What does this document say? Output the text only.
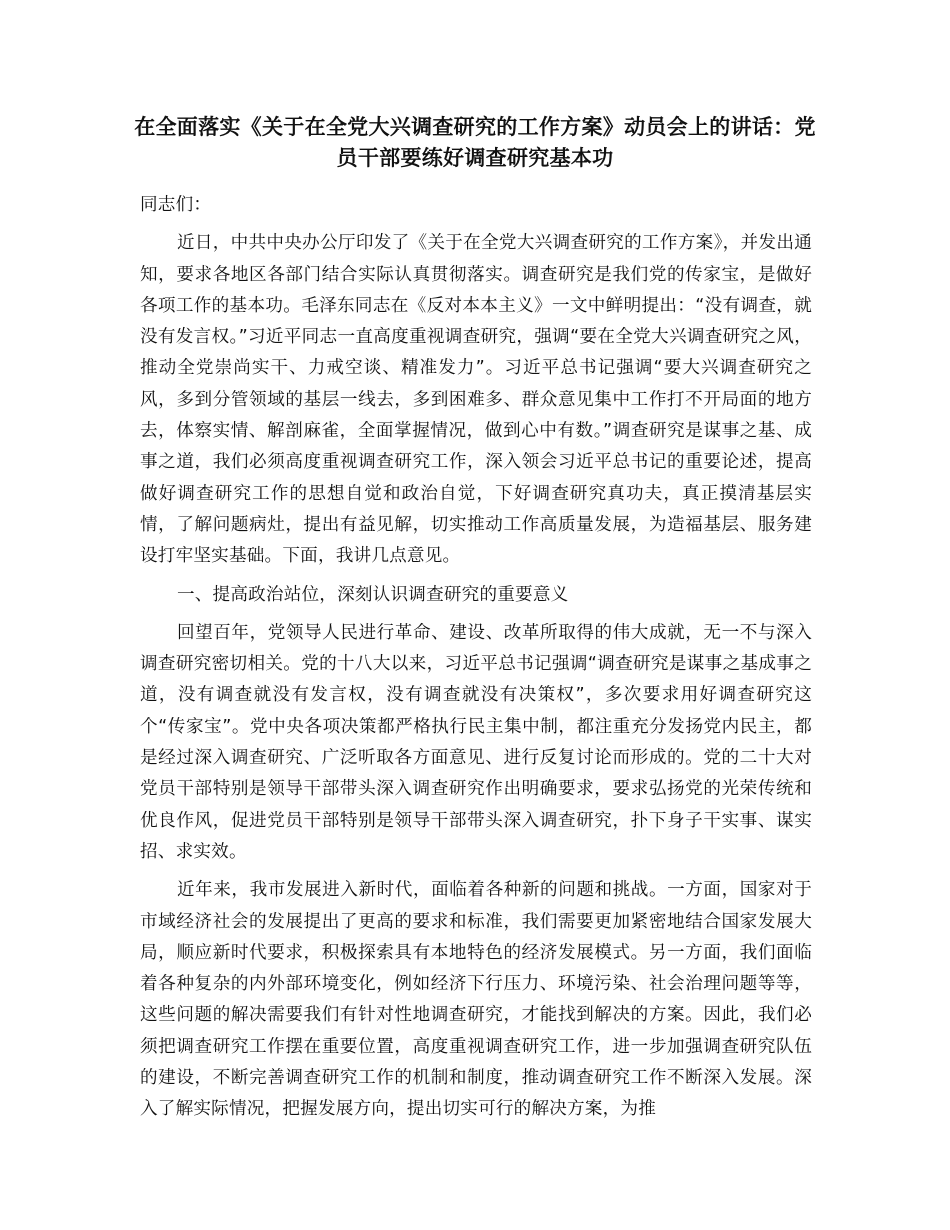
在全面落实《关于在全党大兴调查研究的工作方案》动员会上的讲话：党员干部要练好调查研究基本功

同志们：

近日，中共中央办公厅印发了《关于在全党大兴调查研究的工作方案》，并发出通知，要求各地区各部门结合实际认真贯彻落实。调查研究是我们党的传家宝，是做好各项工作的基本功。毛泽东同志在《反对本本主义》一文中鲜明提出：“没有调查，就没有发言权。”习近平同志一直高度重视调查研究，强调“要在全党大兴调查研究之风，推动全党崇尚实干、力戒空谈、精准发力”。习近平总书记强调“要大兴调查研究之风，多到分管领域的基层一线去，多到困难多、群众意见集中工作打不开局面的地方去，体察实情、解剖麻雀，全面掌握情况，做到心中有数。”调查研究是谋事之基、成事之道，我们必须高度重视调查研究工作，深入领会习近平总书记的重要论述，提高做好调查研究工作的思想自觉和政治自觉，下好调查研究真功夫，真正摸清基层实情，了解问题病灶，提出有益见解，切实推动工作高质量发展，为造福基层、服务建设打牢坚实基础。下面，我讲几点意见。

一、提高政治站位，深刻认识调查研究的重要意义

回望百年，党领导人民进行革命、建设、改革所取得的伟大成就，无一不与深入调查研究密切相关。党的十八大以来，习近平总书记强调“调查研究是谋事之基成事之道，没有调查就没有发言权，没有调查就没有决策权”，多次要求用好调查研究这个“传家宝”。党中央各项决策都严格执行民主集中制，都注重充分发扬党内民主，都是经过深入调查研究、广泛听取各方面意见、进行反复讨论而形成的。党的二十大对党员干部特别是领导干部带头深入调查研究作出明确要求，要求弘扬党的光荣传统和优良作风，促进党员干部特别是领导干部带头深入调查研究，扑下身子干实事、谋实招、求实效。

近年来，我市发展进入新时代，面临着各种新的问题和挑战。一方面，国家对于市域经济社会的发展提出了更高的要求和标准，我们需要更加紧密地结合国家发展大局，顺应新时代要求，积极探索具有本地特色的经济发展模式。另一方面，我们面临着各种复杂的内外部环境变化，例如经济下行压力、环境污染、社会治理问题等等，这些问题的解决需要我们有针对性地调查研究，才能找到解决的方案。因此，我们必须把调查研究工作摆在重要位置，高度重视调查研究工作，进一步加强调查研究队伍的建设，不断完善调查研究工作的机制和制度，推动调查研究工作不断深入发展。深入了解实际情况，把握发展方向，提出切实可行的解决方案，为推
